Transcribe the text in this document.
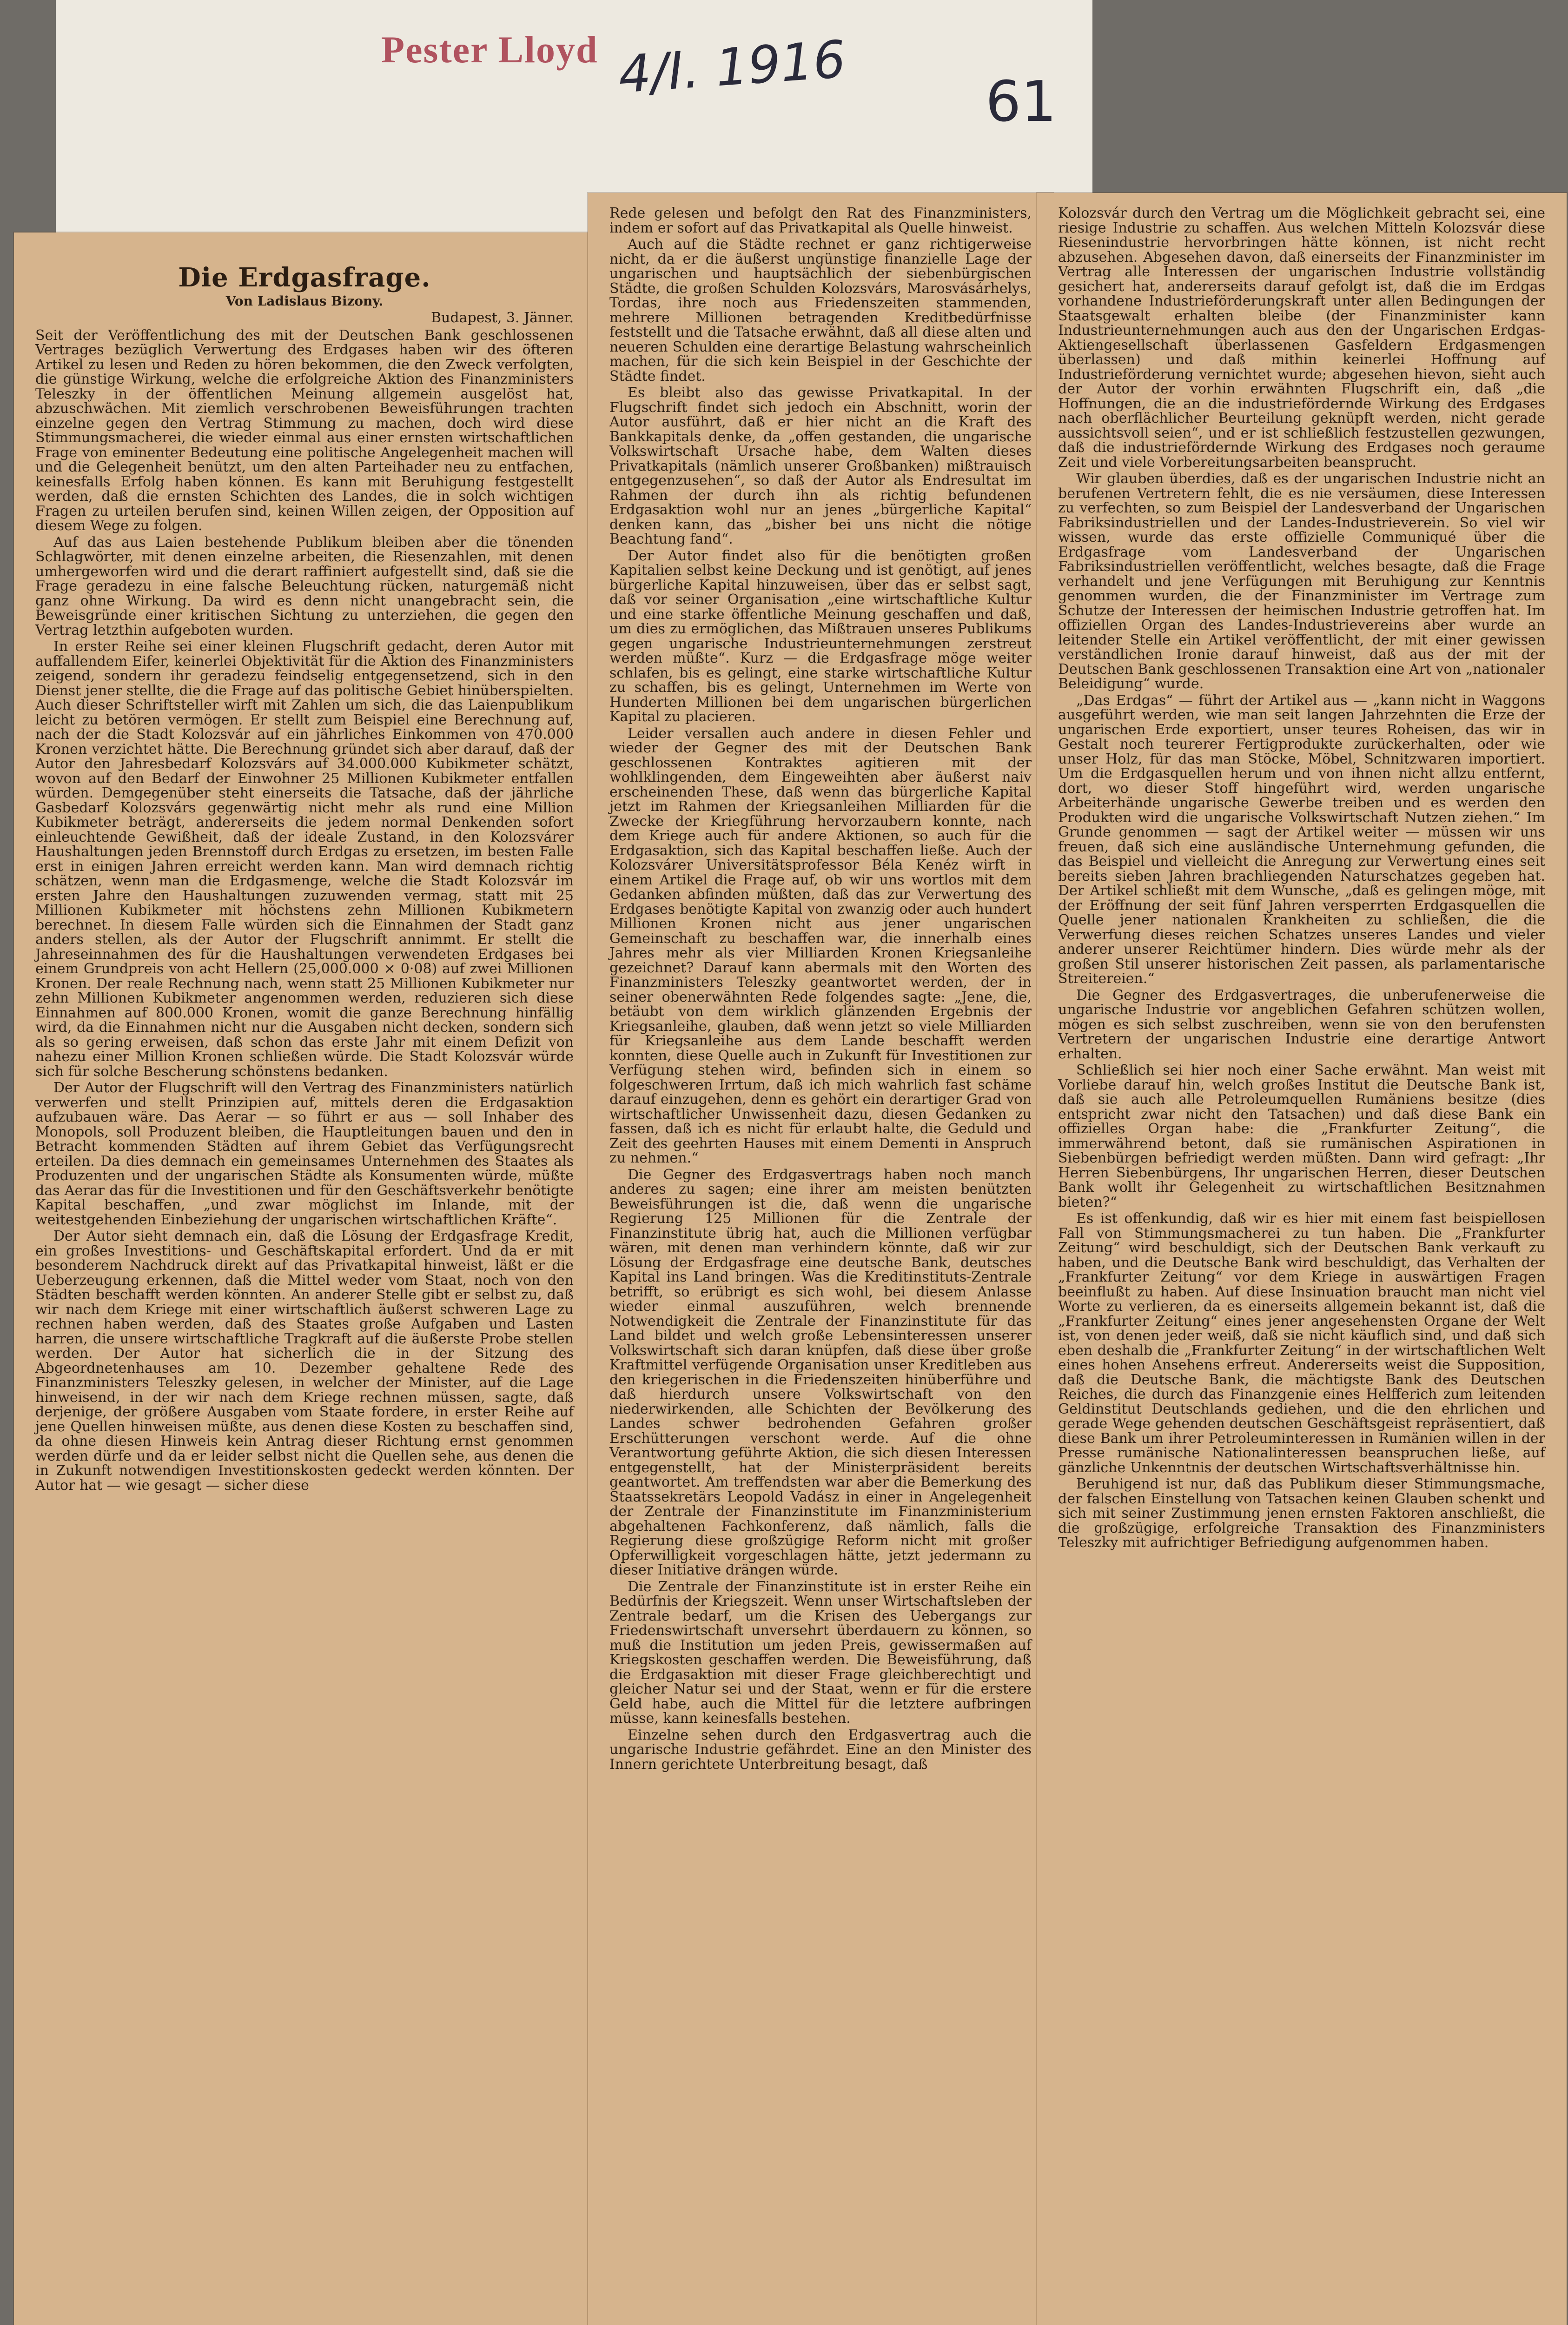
Pester Lloyd 4/I. 1916 61
Die Erdgasfrage.
Von Ladislaus Bizony.
Budapest, 3. Jänner.

Seit der Veröffentlichung des mit der Deutschen Bank geschlossenen Vertrages bezüglich Verwertung des Erdgases haben wir des öfteren Artikel zu lesen und Reden zu hören bekommen, die den Zweck verfolgten, die günstige Wirkung, welche die erfolgreiche Aktion des Finanzministers Teleszky in der öffentlichen Meinung allgemein ausgelöst hat, abzuschwächen. Mit ziemlich verschrobenen Beweisführungen trachten einzelne gegen den Vertrag Stimmung zu machen, doch wird diese Stimmungsmacherei, die wieder einmal aus einer ernsten wirtschaftlichen Frage von eminenter Bedeutung eine politische Angelegenheit machen will und die Gelegenheit benützt, um den alten Parteihader neu zu entfachen, keinesfalls Erfolg haben können. Es kann mit Beruhigung festgestellt werden, daß die ernsten Schichten des Landes, die in solch wichtigen Fragen zu urteilen berufen sind, keinen Willen zeigen, der Opposition auf diesem Wege zu folgen.

Auf das aus Laien bestehende Publikum bleiben aber die tönenden Schlagwörter, mit denen einzelne arbeiten, die Riesenzahlen, mit denen umhergeworfen wird und die derart raffiniert aufgestellt sind, daß sie die Frage geradezu in eine falsche Beleuchtung rücken, naturgemäß nicht ganz ohne Wirkung. Da wird es denn nicht unangebracht sein, die Beweisgründe einer kritischen Sichtung zu unterziehen, die gegen den Vertrag letzthin aufgeboten wurden.

In erster Reihe sei einer kleinen Flugschrift gedacht, deren Autor mit auffallendem Eifer, keinerlei Objektivität für die Aktion des Finanzministers zeigend, sondern ihr geradezu feindselig entgegensetzend, sich in den Dienst jener stellte, die die Frage auf das politische Gebiet hinüberspielten. Auch dieser Schriftsteller wirft mit Zahlen um sich, die das Laienpublikum leicht zu betören vermögen. Er stellt zum Beispiel eine Berechnung auf, nach der die Stadt Kolozsvár auf ein jährliches Einkommen von 470.000 Kronen verzichtet hätte. Die Berechnung gründet sich aber darauf, daß der Autor den Jahresbedarf Kolozsvárs auf 34.000.000 Kubikmeter schätzt, wovon auf den Bedarf der Einwohner 25 Millionen Kubikmeter entfallen würden. Demgegenüber steht einerseits die Tatsache, daß der jährliche Gasbedarf Kolozsvárs gegenwärtig nicht mehr als rund eine Million Kubikmeter beträgt, andererseits die jedem normal Denkenden sofort einleuchtende Gewißheit, daß der ideale Zustand, in den Kolozsvárer Haushaltungen jeden Brennstoff durch Erdgas zu ersetzen, im besten Falle erst in einigen Jahren erreicht werden kann. Man wird demnach richtig schätzen, wenn man die Erdgasmenge, welche die Stadt Kolozsvár im ersten Jahre den Haushaltungen zuzuwenden vermag, statt mit 25 Millionen Kubikmeter mit höchstens zehn Millionen Kubikmetern berechnet. In diesem Falle würden sich die Einnahmen der Stadt ganz anders stellen, als der Autor der Flugschrift annimmt. Er stellt die Jahreseinnahmen des für die Haushaltungen verwendeten Erdgases bei einem Grundpreis von acht Hellern (25,000.000 × 0·08) auf zwei Millionen Kronen. Der reale Rechnung nach, wenn statt 25 Millionen Kubikmeter nur zehn Millionen Kubikmeter angenommen werden, reduzieren sich diese Einnahmen auf 800.000 Kronen, womit die ganze Berechnung hinfällig wird, da die Einnahmen nicht nur die Ausgaben nicht decken, sondern sich als so gering erweisen, daß schon das erste Jahr mit einem Defizit von nahezu einer Million Kronen schließen würde. Die Stadt Kolozsvár würde sich für solche Bescherung schönstens bedanken.

Der Autor der Flugschrift will den Vertrag des Finanzministers natürlich verwerfen und stellt Prinzipien auf, mittels deren die Erdgasaktion aufzubauen wäre. Das Aerar — so führt er aus — soll Inhaber des Monopols, soll Produzent bleiben, die Hauptleitungen bauen und den in Betracht kommenden Städten auf ihrem Gebiet das Verfügungsrecht erteilen. Da dies demnach ein gemeinsames Unternehmen des Staates als Produzenten und der ungarischen Städte als Konsumenten würde, müßte das Aerar das für die Investitionen und für den Geschäftsverkehr benötigte Kapital beschaffen, „und zwar möglichst im Inlande, mit der weitestgehenden Einbeziehung der ungarischen wirtschaftlichen Kräfte“.

Der Autor sieht demnach ein, daß die Lösung der Erdgasfrage Kredit, ein großes Investitions- und Geschäftskapital erfordert. Und da er mit besonderem Nachdruck direkt auf das Privatkapital hinweist, läßt er die Ueberzeugung erkennen, daß die Mittel weder vom Staat, noch von den Städten beschafft werden könnten. An anderer Stelle gibt er selbst zu, daß wir nach dem Kriege mit einer wirtschaftlich äußerst schweren Lage zu rechnen haben werden, daß des Staates große Aufgaben und Lasten harren, die unsere wirtschaftliche Tragkraft auf die äußerste Probe stellen werden. Der Autor hat sicherlich die in der Sitzung des Abgeordnetenhauses am 10. Dezember gehaltene Rede des Finanzministers Teleszky gelesen, in welcher der Minister, auf die Lage hinweisend, in der wir nach dem Kriege rechnen müssen, sagte, daß derjenige, der größere Ausgaben vom Staate fordere, in erster Reihe auf jene Quellen hinweisen müßte, aus denen diese Kosten zu beschaffen sind, da ohne diesen Hinweis kein Antrag dieser Richtung ernst genommen werden dürfe und da er leider selbst nicht die Quellen sehe, aus denen die in Zukunft notwendigen Investitionskosten gedeckt werden könnten. Der Autor hat — wie gesagt — sicher diese

Rede gelesen und befolgt den Rat des Finanzministers, indem er sofort auf das Privatkapital als Quelle hinweist.

Auch auf die Städte rechnet er ganz richtigerweise nicht, da er die äußerst ungünstige finanzielle Lage der ungarischen und hauptsächlich der siebenbürgischen Städte, die großen Schulden Kolozsvárs, Marosvásárhelys, Tordas, ihre noch aus Friedenszeiten stammenden, mehrere Millionen betragenden Kreditbedürfnisse feststellt und die Tatsache erwähnt, daß all diese alten und neueren Schulden eine derartige Belastung wahrscheinlich machen, für die sich kein Beispiel in der Geschichte der Städte findet.

Es bleibt also das gewisse Privatkapital. In der Flugschrift findet sich jedoch ein Abschnitt, worin der Autor ausführt, daß er hier nicht an die Kraft des Bankkapitals denke, da „offen gestanden, die ungarische Volkswirtschaft Ursache habe, dem Walten dieses Privatkapitals (nämlich unserer Großbanken) mißtrauisch entgegenzusehen“, so daß der Autor als Endresultat im Rahmen der durch ihn als richtig befundenen Erdgasaktion wohl nur an jenes „bürgerliche Kapital“ denken kann, das „bisher bei uns nicht die nötige Beachtung fand“.

Der Autor findet also für die benötigten großen Kapitalien selbst keine Deckung und ist genötigt, auf jenes bürgerliche Kapital hinzuweisen, über das er selbst sagt, daß vor seiner Organisation „eine wirtschaftliche Kultur und eine starke öffentliche Meinung geschaffen und daß, um dies zu ermöglichen, das Mißtrauen unseres Publikums gegen ungarische Industrieunternehmungen zerstreut werden müßte“. Kurz — die Erdgasfrage möge weiter schlafen, bis es gelingt, eine starke wirtschaftliche Kultur zu schaffen, bis es gelingt, Unternehmen im Werte von Hunderten Millionen bei dem ungarischen bürgerlichen Kapital zu placieren.

Leider versallen auch andere in diesen Fehler und wieder der Gegner des mit der Deutschen Bank geschlossenen Kontraktes agitieren mit der wohlklingenden, dem Eingeweihten aber äußerst naiv erscheinenden These, daß wenn das bürgerliche Kapital jetzt im Rahmen der Kriegsanleihen Milliarden für die Zwecke der Kriegführung hervorzaubern konnte, nach dem Kriege auch für andere Aktionen, so auch für die Erdgasaktion, sich das Kapital beschaffen ließe. Auch der Kolozsvárer Universitätsprofessor Béla Kenéz wirft in einem Artikel die Frage auf, ob wir uns wortlos mit dem Gedanken abfinden müßten, daß das zur Verwertung des Erdgases benötigte Kapital von zwanzig oder auch hundert Millionen Kronen nicht aus jener ungarischen Gemeinschaft zu beschaffen war, die innerhalb eines Jahres mehr als vier Milliarden Kronen Kriegsanleihe gezeichnet? Darauf kann abermals mit den Worten des Finanzministers Teleszky geantwortet werden, der in seiner obenerwähnten Rede folgendes sagte: „Jene, die, betäubt von dem wirklich glänzenden Ergebnis der Kriegsanleihe, glauben, daß wenn jetzt so viele Milliarden für Kriegsanleihe aus dem Lande beschafft werden konnten, diese Quelle auch in Zukunft für Investitionen zur Verfügung stehen wird, befinden sich in einem so folgeschweren Irrtum, daß ich mich wahrlich fast schäme darauf einzugehen, denn es gehört ein derartiger Grad von wirtschaftlicher Unwissenheit dazu, diesen Gedanken zu fassen, daß ich es nicht für erlaubt halte, die Geduld und Zeit des geehrten Hauses mit einem Dementi in Anspruch zu nehmen.“

Die Gegner des Erdgasvertrags haben noch manch anderes zu sagen; eine ihrer am meisten benützten Beweisführungen ist die, daß wenn die ungarische Regierung 125 Millionen für die Zentrale der Finanzinstitute übrig hat, auch die Millionen verfügbar wären, mit denen man verhindern könnte, daß wir zur Lösung der Erdgasfrage eine deutsche Bank, deutsches Kapital ins Land bringen. Was die Kreditinstituts-Zentrale betrifft, so erübrigt es sich wohl, bei diesem Anlasse wieder einmal auszuführen, welch brennende Notwendigkeit die Zentrale der Finanzinstitute für das Land bildet und welch große Lebensinteressen unserer Volkswirtschaft sich daran knüpfen, daß diese über große Kraftmittel verfügende Organisation unser Kreditleben aus den kriegerischen in die Friedenszeiten hinüberführe und daß hierdurch unsere Volkswirtschaft von den niederwirkenden, alle Schichten der Bevölkerung des Landes schwer bedrohenden Gefahren großer Erschütterungen verschont werde. Auf die ohne Verantwortung geführte Aktion, die sich diesen Interessen entgegenstellt, hat der Ministerpräsident bereits geantwortet. Am treffendsten war aber die Bemerkung des Staatssekretärs Leopold Vadász in einer in Angelegenheit der Zentrale der Finanzinstitute im Finanzministerium abgehaltenen Fachkonferenz, daß nämlich, falls die Regierung diese großzügige Reform nicht mit großer Opferwilligkeit vorgeschlagen hätte, jetzt jedermann zu dieser Initiative drängen würde.

Die Zentrale der Finanzinstitute ist in erster Reihe ein Bedürfnis der Kriegszeit. Wenn unser Wirtschaftsleben der Zentrale bedarf, um die Krisen des Uebergangs zur Friedenswirtschaft unversehrt überdauern zu können, so muß die Institution um jeden Preis, gewissermaßen auf Kriegskosten geschaffen werden. Die Beweisführung, daß die Erdgasaktion mit dieser Frage gleichberechtigt und gleicher Natur sei und der Staat, wenn er für die erstere Geld habe, auch die Mittel für die letztere aufbringen müsse, kann keinesfalls bestehen.

Einzelne sehen durch den Erdgasvertrag auch die ungarische Industrie gefährdet. Eine an den Minister des Innern gerichtete Unterbreitung besagt, daß

Kolozsvár durch den Vertrag um die Möglichkeit gebracht sei, eine riesige Industrie zu schaffen. Aus welchen Mitteln Kolozsvár diese Riesenindustrie hervorbringen hätte können, ist nicht recht abzusehen. Abgesehen davon, daß einerseits der Finanzminister im Vertrag alle Interessen der ungarischen Industrie vollständig gesichert hat, andererseits darauf gefolgt ist, daß die im Erdgas vorhandene Industrieförderungskraft unter allen Bedingungen der Staatsgewalt erhalten bleibe (der Finanzminister kann Industrieunternehmungen auch aus den der Ungarischen Erdgas-Aktiengesellschaft überlassenen Gasfeldern Erdgasmengen überlassen) und daß mithin keinerlei Hoffnung auf Industrieförderung vernichtet wurde; abgesehen hievon, sieht auch der Autor der vorhin erwähnten Flugschrift ein, daß „die Hoffnungen, die an die industriefördernde Wirkung des Erdgases nach oberflächlicher Beurteilung geknüpft werden, nicht gerade aussichtsvoll seien“, und er ist schließlich festzustellen gezwungen, daß die industriefördernde Wirkung des Erdgases noch geraume Zeit und viele Vorbereitungsarbeiten beansprucht.

Wir glauben überdies, daß es der ungarischen Industrie nicht an berufenen Vertretern fehlt, die es nie versäumen, diese Interessen zu verfechten, so zum Beispiel der Landesverband der Ungarischen Fabriksindustriellen und der Landes-Industrieverein. So viel wir wissen, wurde das erste offizielle Communiqué über die Erdgasfrage vom Landesverband der Ungarischen Fabriksindustriellen veröffentlicht, welches besagte, daß die Frage verhandelt und jene Verfügungen mit Beruhigung zur Kenntnis genommen wurden, die der Finanzminister im Vertrage zum Schutze der Interessen der heimischen Industrie getroffen hat. Im offiziellen Organ des Landes-Industrievereins aber wurde an leitender Stelle ein Artikel veröffentlicht, der mit einer gewissen verständlichen Ironie darauf hinweist, daß aus der mit der Deutschen Bank geschlossenen Transaktion eine Art von „nationaler Beleidigung“ wurde.

„Das Erdgas“ — führt der Artikel aus — „kann nicht in Waggons ausgeführt werden, wie man seit langen Jahrzehnten die Erze der ungarischen Erde exportiert, unser teures Roheisen, das wir in Gestalt noch teurerer Fertigprodukte zurückerhalten, oder wie unser Holz, für das man Stöcke, Möbel, Schnitzwaren importiert. Um die Erdgasquellen herum und von ihnen nicht allzu entfernt, dort, wo dieser Stoff hingeführt wird, werden ungarische Arbeiterhände ungarische Gewerbe treiben und es werden den Produkten wird die ungarische Volkswirtschaft Nutzen ziehen.“ Im Grunde genommen — sagt der Artikel weiter — müssen wir uns freuen, daß sich eine ausländische Unternehmung gefunden, die das Beispiel und vielleicht die Anregung zur Verwertung eines seit bereits sieben Jahren brachliegenden Naturschatzes gegeben hat. Der Artikel schließt mit dem Wunsche, „daß es gelingen möge, mit der Eröffnung der seit fünf Jahren versperrten Erdgasquellen die Quelle jener nationalen Krankheiten zu schließen, die die Verwerfung dieses reichen Schatzes unseres Landes und vieler anderer unserer Reichtümer hindern. Dies würde mehr als der großen Stil unserer historischen Zeit passen, als parlamentarische Streitereien.“

Die Gegner des Erdgasvertrages, die unberufenerweise die ungarische Industrie vor angeblichen Gefahren schützen wollen, mögen es sich selbst zuschreiben, wenn sie von den berufensten Vertretern der ungarischen Industrie eine derartige Antwort erhalten.

Schließlich sei hier noch einer Sache erwähnt. Man weist mit Vorliebe darauf hin, welch großes Institut die Deutsche Bank ist, daß sie auch alle Petroleumquellen Rumäniens besitze (dies entspricht zwar nicht den Tatsachen) und daß diese Bank ein offizielles Organ habe: die „Frankfurter Zeitung“, die immerwährend betont, daß sie rumänischen Aspirationen in Siebenbürgen befriedigt werden müßten. Dann wird gefragt: „Ihr Herren Siebenbürgens, Ihr ungarischen Herren, dieser Deutschen Bank wollt ihr Gelegenheit zu wirtschaftlichen Besitznahmen bieten?“

Es ist offenkundig, daß wir es hier mit einem fast beispiellosen Fall von Stimmungsmacherei zu tun haben. Die „Frankfurter Zeitung“ wird beschuldigt, sich der Deutschen Bank verkauft zu haben, und die Deutsche Bank wird beschuldigt, das Verhalten der „Frankfurter Zeitung“ vor dem Kriege in auswärtigen Fragen beeinflußt zu haben. Auf diese Insinuation braucht man nicht viel Worte zu verlieren, da es einerseits allgemein bekannt ist, daß die „Frankfurter Zeitung“ eines jener angesehensten Organe der Welt ist, von denen jeder weiß, daß sie nicht käuflich sind, und daß sich eben deshalb die „Frankfurter Zeitung“ in der wirtschaftlichen Welt eines hohen Ansehens erfreut. Andererseits weist die Supposition, daß die Deutsche Bank, die mächtigste Bank des Deutschen Reiches, die durch das Finanzgenie eines Helfferich zum leitenden Geldinstitut Deutschlands gediehen, und die den ehrlichen und gerade Wege gehenden deutschen Geschäftsgeist repräsentiert, daß diese Bank um ihrer Petroleuminteressen in Rumänien willen in der Presse rumänische Nationalinteressen beanspruchen ließe, auf gänzliche Unkenntnis der deutschen Wirtschaftsverhältnisse hin.

Beruhigend ist nur, daß das Publikum dieser Stimmungsmache, der falschen Einstellung von Tatsachen keinen Glauben schenkt und sich mit seiner Zustimmung jenen ernsten Faktoren anschließt, die die großzügige, erfolgreiche Transaktion des Finanzministers Teleszky mit aufrichtiger Befriedigung aufgenommen haben.
